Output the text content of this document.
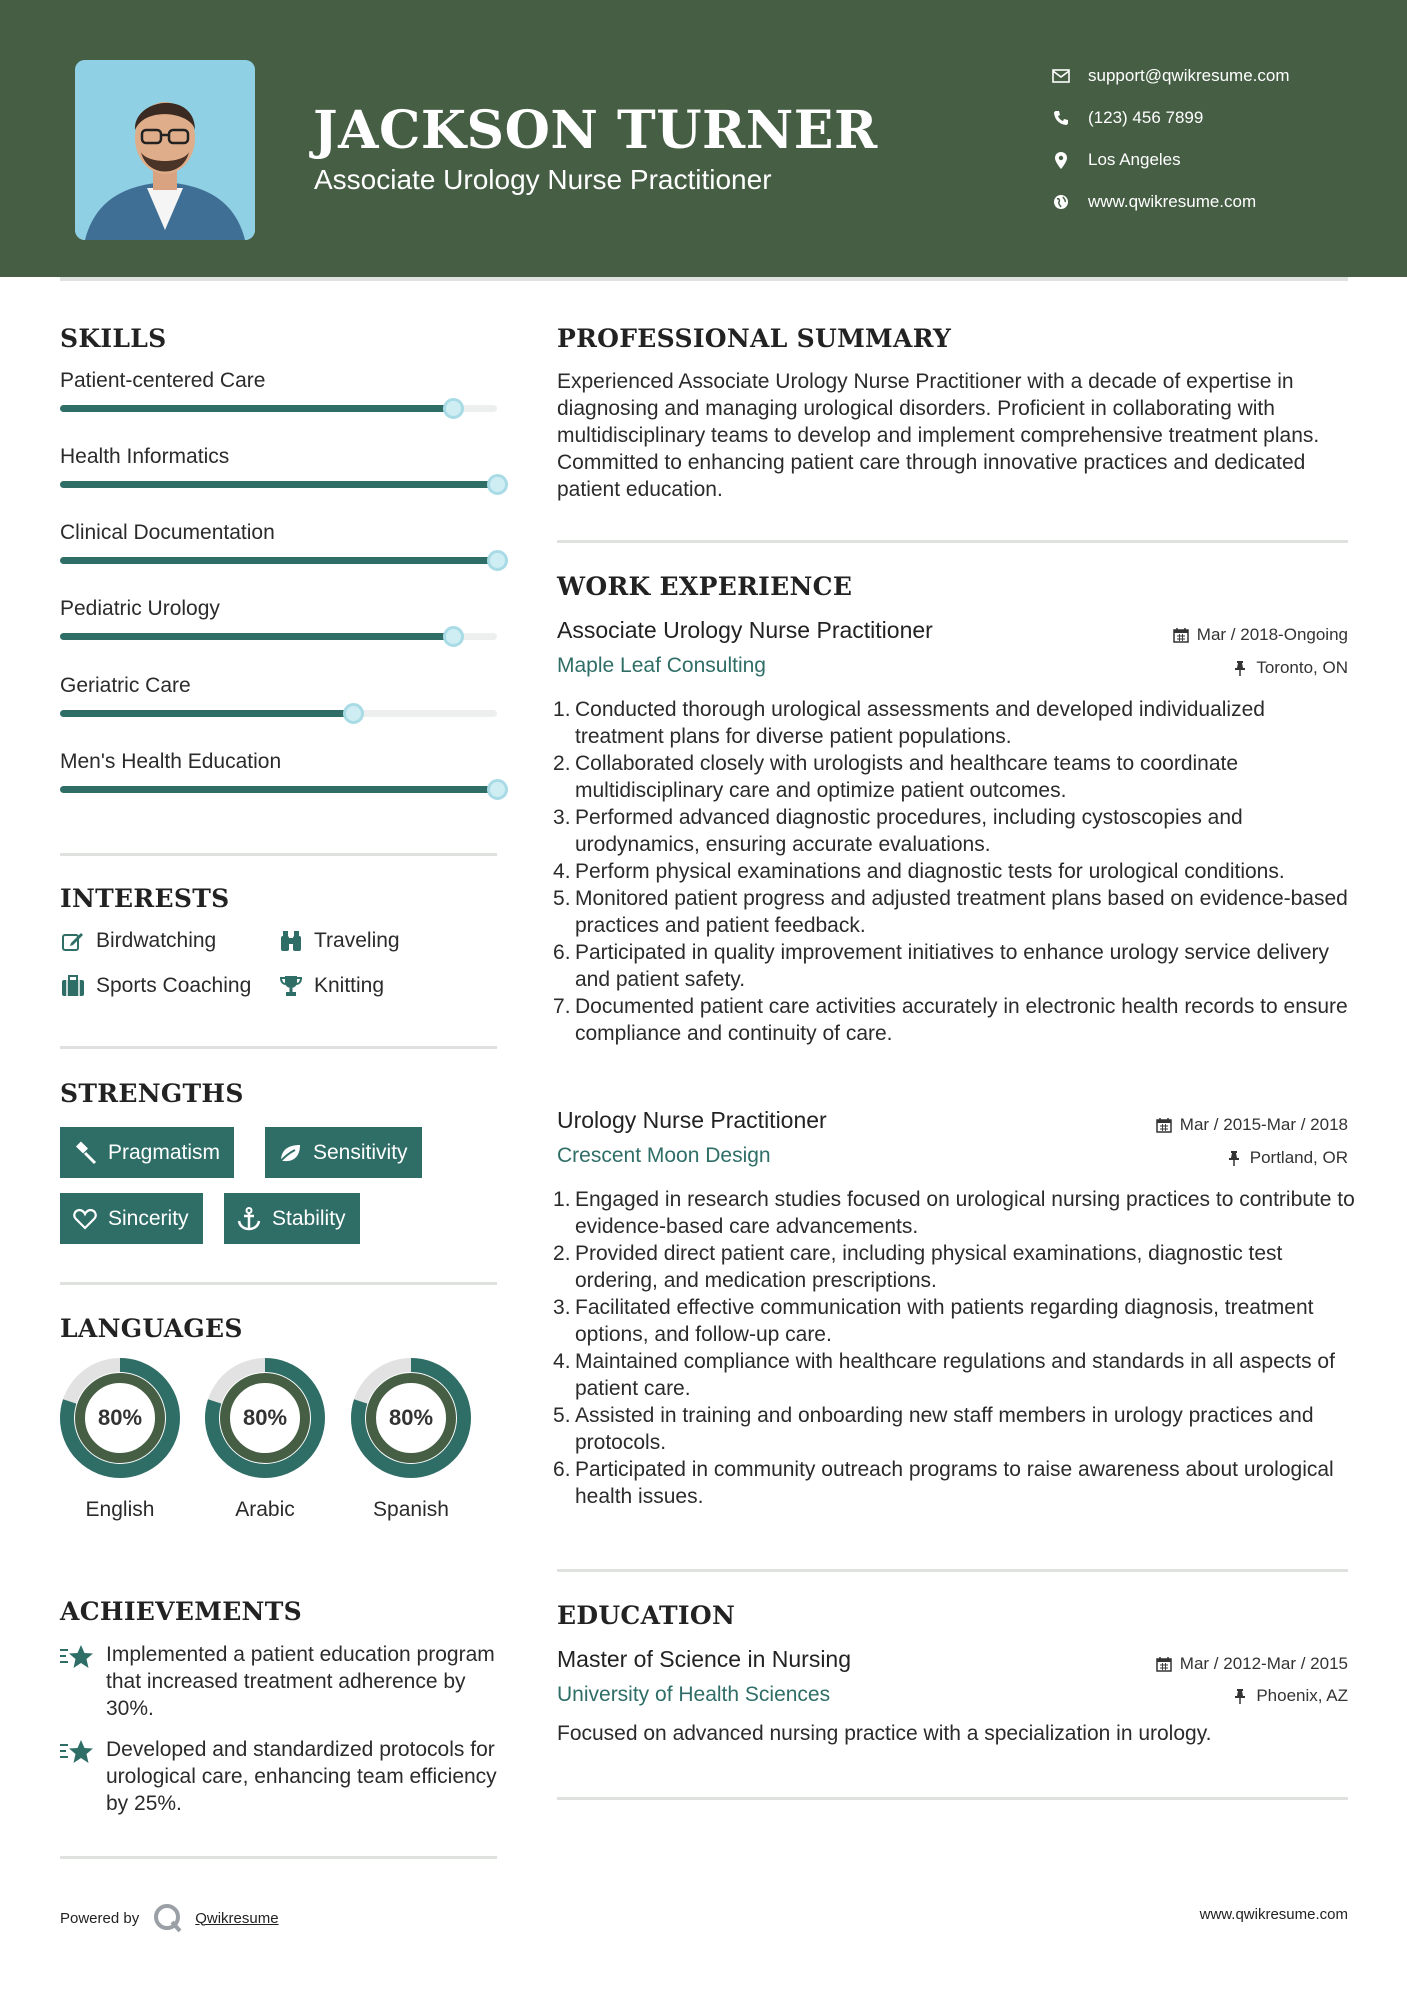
JACKSON TURNER
Associate Urology Nurse Practitioner
support@qwikresume.com
(123) 456 7899
Los Angeles
www.qwikresume.com
SKILLS
Patient-centered Care
Health Informatics
Clinical Documentation
Pediatric Urology
Geriatric Care
Men's Health Education
INTERESTS
Birdwatching	Traveling
Sports Coaching	Knitting
STRENGTHS
Pragmatism	Sensitivity
Sincerity	Stability
LANGUAGES
80%
English
80%
Arabic
80%
Spanish
ACHIEVEMENTS
Implemented a patient education program that increased treatment adherence by 30%.
Developed and standardized protocols for urological care, enhancing team efficiency by 25%.
PROFESSIONAL SUMMARY
Experienced Associate Urology Nurse Practitioner with a decade of expertise in diagnosing and managing urological disorders. Proficient in collaborating with multidisciplinary teams to develop and implement comprehensive treatment plans. Committed to enhancing patient care through innovative practices and dedicated patient education.
WORK EXPERIENCE
Associate Urology Nurse Practitioner	Mar / 2018-Ongoing
Maple Leaf Consulting	Toronto, ON
Conducted thorough urological assessments and developed individualized treatment plans for diverse patient populations.
Collaborated closely with urologists and healthcare teams to coordinate multidisciplinary care and optimize patient outcomes.
Performed advanced diagnostic procedures, including cystoscopies and urodynamics, ensuring accurate evaluations.
Perform physical examinations and diagnostic tests for urological conditions.
Monitored patient progress and adjusted treatment plans based on evidence-based practices and patient feedback.
Participated in quality improvement initiatives to enhance urology service delivery and patient safety.
Documented patient care activities accurately in electronic health records to ensure compliance and continuity of care.
Urology Nurse Practitioner	Mar / 2015-Mar / 2018
Crescent Moon Design	Portland, OR
Engaged in research studies focused on urological nursing practices to contribute to evidence-based care advancements.
Provided direct patient care, including physical examinations, diagnostic test ordering, and medication prescriptions.
Facilitated effective communication with patients regarding diagnosis, treatment options, and follow-up care.
Maintained compliance with healthcare regulations and standards in all aspects of patient care.
Assisted in training and onboarding new staff members in urology practices and protocols.
Participated in community outreach programs to raise awareness about urological health issues.
EDUCATION
Master of Science in Nursing	Mar / 2012-Mar / 2015
University of Health Sciences	Phoenix, AZ
Focused on advanced nursing practice with a specialization in urology.
Powered by	Qwikresume	www.qwikresume.com
